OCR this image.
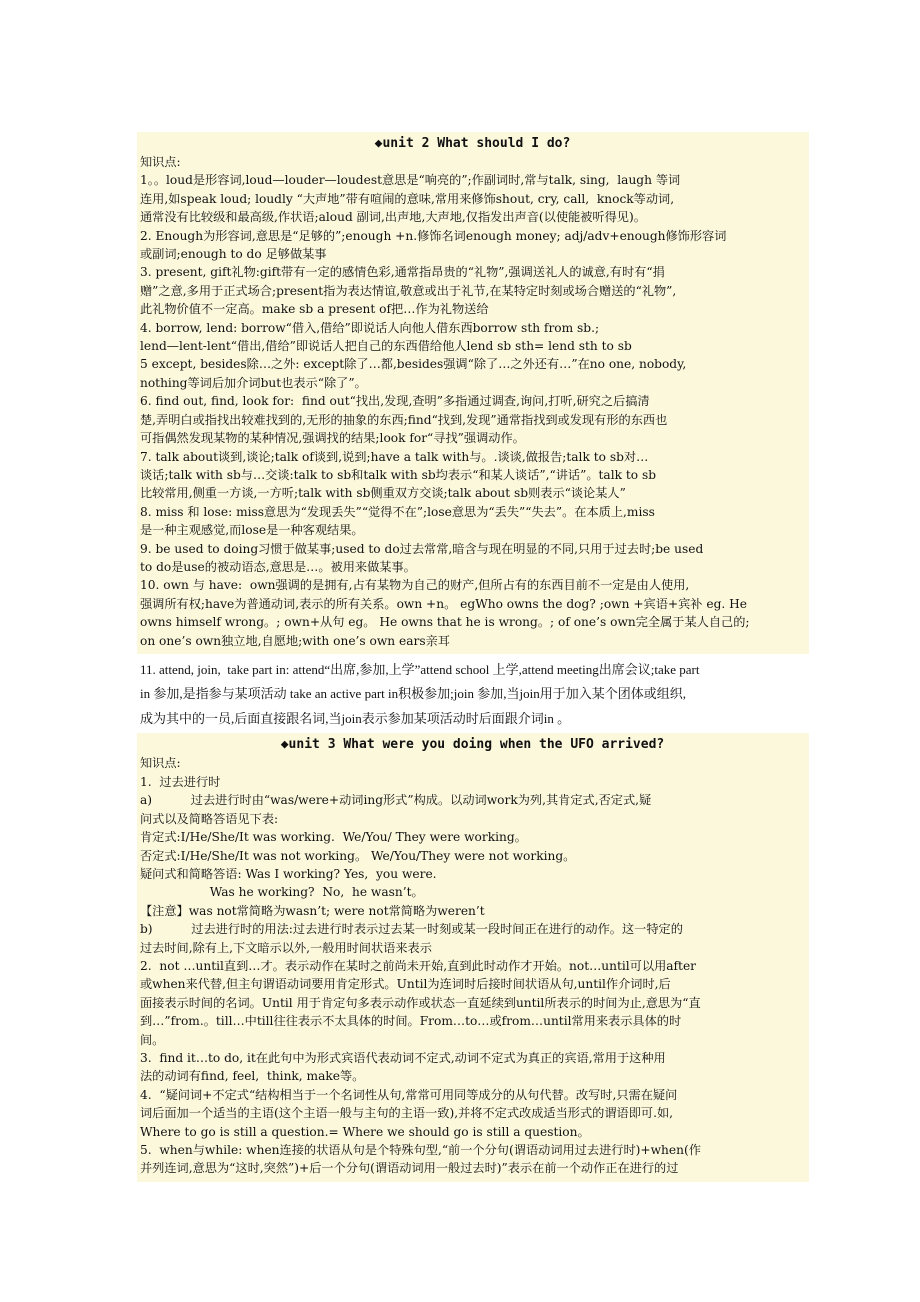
◆unit 2 What should I do?
知识点:
1。。loud是形容词,loud—louder—loudest意思是“响亮的”;作副词时,常与talk, sing,  laugh 等词
连用,如speak loud; loudly “大声地”带有喧闹的意味,常用来修饰shout, cry, call,  knock等动词,
通常没有比较级和最高级,作状语;aloud 副词,出声地,大声地,仅指发出声音(以使能被听得见)。
2. Enough为形容词,意思是“足够的”;enough +n.修饰名词enough money; adj/adv+enough修饰形容词
或副词;enough to do 足够做某事
3. present, gift礼物:gift带有一定的感情色彩,通常指昂贵的“礼物”,强调送礼人的诚意,有时有“捐
赠”之意,多用于正式场合;present指为表达情谊,敬意或出于礼节,在某特定时刻或场合赠送的“礼物”,
此礼物价值不一定高。make sb a present of把…作为礼物送给
4. borrow, lend: borrow“借入,借给”即说话人向他人借东西borrow sth from sb.;
lend—lent-lent“借出,借给”即说话人把自己的东西借给他人lend sb sth= lend sth to sb
5 except, besides除…之外: except除了…都,besides强调“除了…之外还有…”在no one, nobody,
nothing等词后加介词but也表示“除了”。
6. find out, find, look for:  find out“找出,发现,查明”多指通过调查,询问,打听,研究之后搞清
楚,弄明白或指找出较难找到的,无形的抽象的东西;find“找到,发现”通常指找到或发现有形的东西也
可指偶然发现某物的某种情况,强调找的结果;look for“寻找”强调动作。
7. talk about谈到,谈论;talk of谈到,说到;have a talk with与。.谈谈,做报告;talk to sb对…
谈话;talk with sb与…交谈:talk to sb和talk with sb均表示“和某人谈话”,“讲话”。talk to sb
比较常用,侧重一方谈,一方听;talk with sb侧重双方交谈;talk about sb则表示“谈论某人”
8. miss 和 lose: miss意思为“发现丢失”“觉得不在”;lose意思为“丢失”“失去”。在本质上,miss
是一种主观感觉,而lose是一种客观结果。
9. be used to doing习惯于做某事;used to do过去常常,暗含与现在明显的不同,只用于过去时;be used
to do是use的被动语态,意思是…。被用来做某事。
10. own 与 have:  own强调的是拥有,占有某物为自己的财产,但所占有的东西目前不一定是由人使用,
强调所有权;have为普通动词,表示的所有关系。own +n。 egWho owns the dog? ;own +宾语+宾补 eg. He
owns himself wrong。; own+从句 eg。 He owns that he is wrong。; of one’s own完全属于某人自己的;
on one’s own独立地,自愿地;with one’s own ears亲耳
11. attend, join,  take part in: attend“出席,参加,上学”attend school 上学,attend meeting出席会议;take part
in 参加,是指参与某项活动 take an active part in积极参加;join 参加,当join用于加入某个团体或组织,
成为其中的一员,后面直接跟名词,当join表示参加某项活动时后面跟介词in 。
◆unit 3 What were you doing when the UFO arrived?
知识点:
1.  过去进行时
a)          过去进行时由“was/were+动词ing形式”构成。以动词work为列,其肯定式,否定式,疑
问式以及简略答语见下表:
肯定式:I/He/She/It was working.  We/You/ They were working。
否定式:I/He/She/It was not working。 We/You/They were not working。
疑问式和简略答语: Was I working? Yes,  you were.
Was he working?  No,  he wasn’t。
【注意】was not常简略为wasn’t; were not常简略为weren’t
b)          过去进行时的用法:过去进行时表示过去某一时刻或某一段时间正在进行的动作。这一特定的
过去时间,除有上,下文暗示以外,一般用时间状语来表示
2.  not …until直到…才。表示动作在某时之前尚未开始,直到此时动作才开始。not…until可以用after
或when来代替,但主句谓语动词要用肯定形式。Until为连词时后接时间状语从句,until作介词时,后
面接表示时间的名词。Until 用于肯定句多表示动作或状态一直延续到until所表示的时间为止,意思为“直
到…”from.。till…中till往往表示不太具体的时间。From…to…或from…until常用来表示具体的时
间。
3.  find it…to do, it在此句中为形式宾语代表动词不定式,动词不定式为真正的宾语,常用于这种用
法的动词有find, feel,  think, make等。
4.  “疑问词+不定式“结构相当于一个名词性从句,常常可用同等成分的从句代替。改写时,只需在疑问
词后面加一个适当的主语(这个主语一般与主句的主语一致),并将不定式改成适当形式的谓语即可.如,
Where to go is still a question.= Where we should go is still a question。
5.  when与while: when连接的状语从句是个特殊句型,“前一个分句(谓语动词用过去进行时)+when(作
并列连词,意思为“这时,突然”)+后一个分句(谓语动词用一般过去时)”表示在前一个动作正在进行的过
